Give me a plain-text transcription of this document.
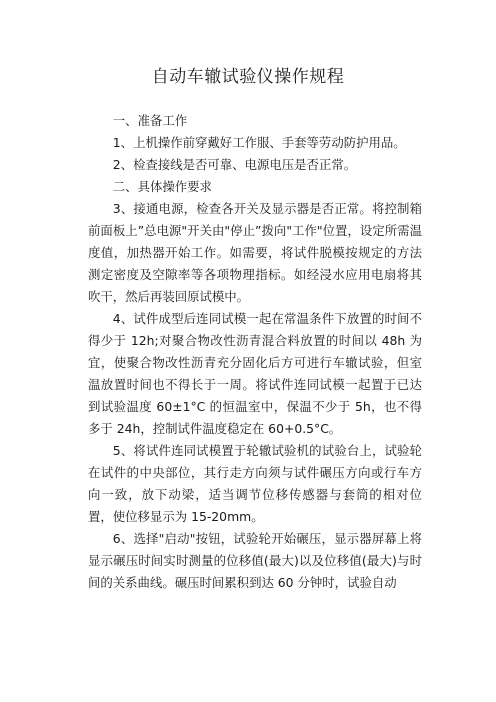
自动车辙试验仪操作规程

一、准备工作

1、上机操作前穿戴好工作服、手套等劳动防护用品。

2、检查接线是否可靠、电源电压是否正常。

二、具体操作要求

3、接通电源，检查各开关及显示器是否正常。将控制箱前面板上”总电源"开关由"停止”拨向"工作"位置，设定所需温度值，加热器开始工作。如需要，将试件脱模按规定的方法测定密度及空隙率等各项物理指标。如经浸水应用电扇将其吹干，然后再装回原试模中。

4、试件成型后连同试模一起在常温条件下放置的时间不得少于 12h;对聚合物改性沥青混合料放置的时间以 48h 为宜，使聚合物改性沥青充分固化后方可进行车辙试验，但室温放置时间也不得长于一周。将试件连同试模一起置于已达到试验温度 60±1°C 的恒温室中，保温不少于 5h，也不得多于 24h，控制试件温度稳定在 60+0.5°C。

5、将试件连同试模置于轮辙试验机的试验台上，试验轮在试件的中央部位，其行走方向须与试件碾压方向或行车方向一致，放下动梁，适当调节位移传感器与套筒的相对位置，使位移显示为 15-20mm。

6、选择"启动"按钮，试验轮开始碾压，显示器屏幕上将显示碾压时间实时测量的位移值(最大)以及位移值(最大)与时间的关系曲线。碾压时间累积到达 60 分钟时，试验自动
